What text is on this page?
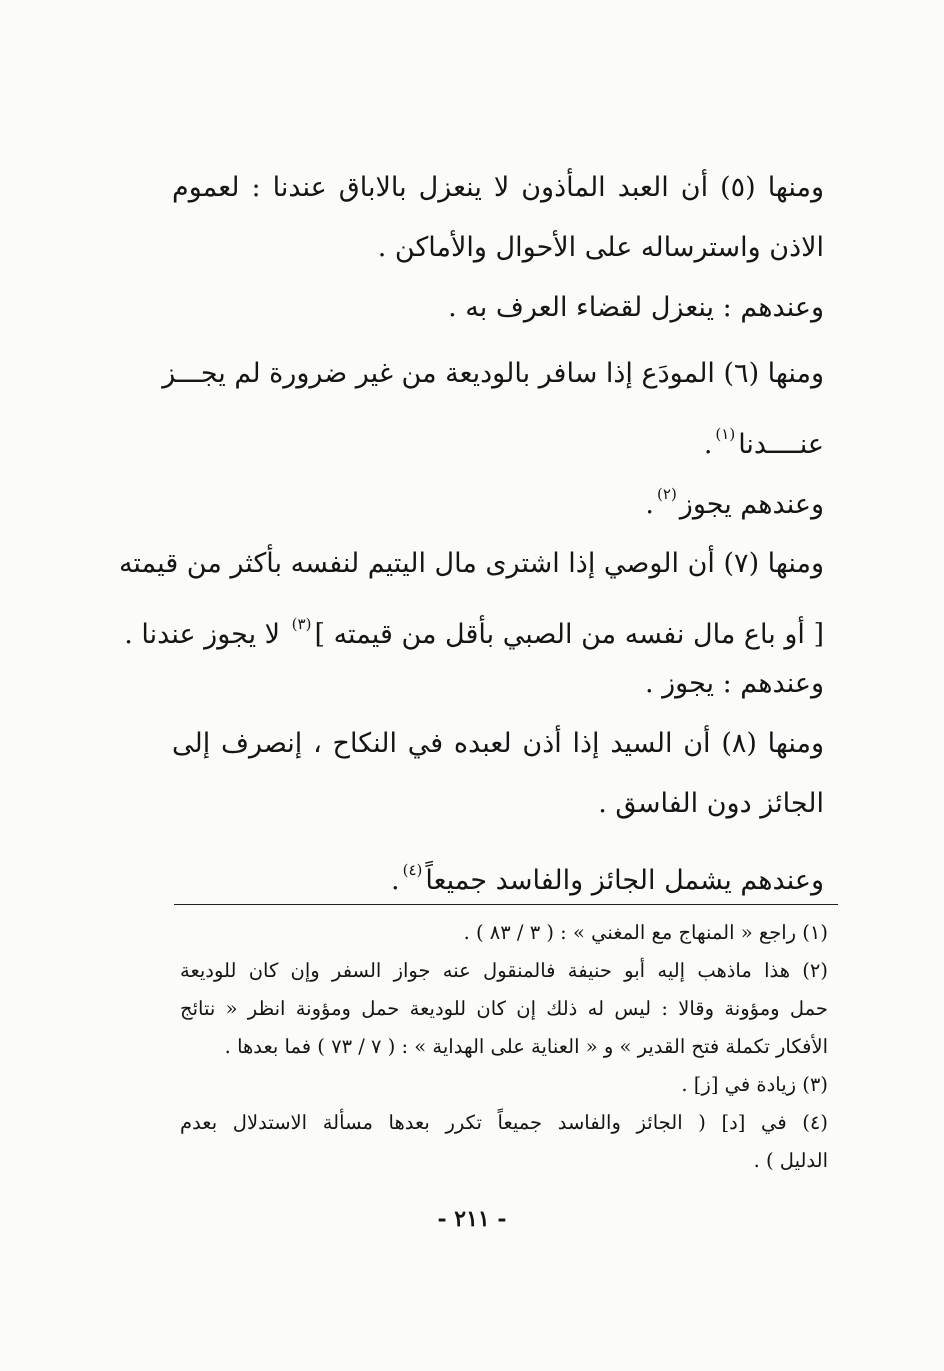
ومنها (٥) أن العبد المأذون لا ينعزل بالاباق عندنا : لعموم
الاذن واسترساله على الأحوال والأماكن .
وعندهم : ينعزل لقضاء العرف به .
ومنها (٦) المودَع إذا سافر بالوديعة من غير ضرورة لم يجـــز
عنــــدنا$^{(١)}$.
وعندهم يجوز$^{(٢)}$.
ومنها (٧) أن الوصي إذا اشترى مال اليتيم لنفسه بأكثر من قيمته
[ أو باع مال نفسه من الصبي بأقل من قيمته ]$^{(٣)}$ لا يجوز عندنا .
وعندهم : يجوز .
ومنها (٨) أن السيد إذا أذن لعبده في النكاح ، إنصرف إلى
الجائز دون الفاسق .
وعندهم يشمل الجائز والفاسد جميعاً$^{(٤)}$.
(١) راجع « المنهاج مع المغني » : ( ٣ / ٨٣ ) .
(٢) هذا ماذهب إليه أبو حنيفة فالمنقول عنه جواز السفر وإن كان للوديعة
حمل ومؤونة وقالا : ليس له ذلك إن كان للوديعة حمل ومؤونة انظر « نتائج
الأفكار تكملة فتح القدير » و « العناية على الهداية » : ( ٧ / ٧٣ ) فما بعدها .
(٣) زيادة في [ز] .
(٤) في [د] ( الجائز والفاسد جميعاً تكرر بعدها مسألة الاستدلال بعدم
الدليل ) .
- ٢١١ -
